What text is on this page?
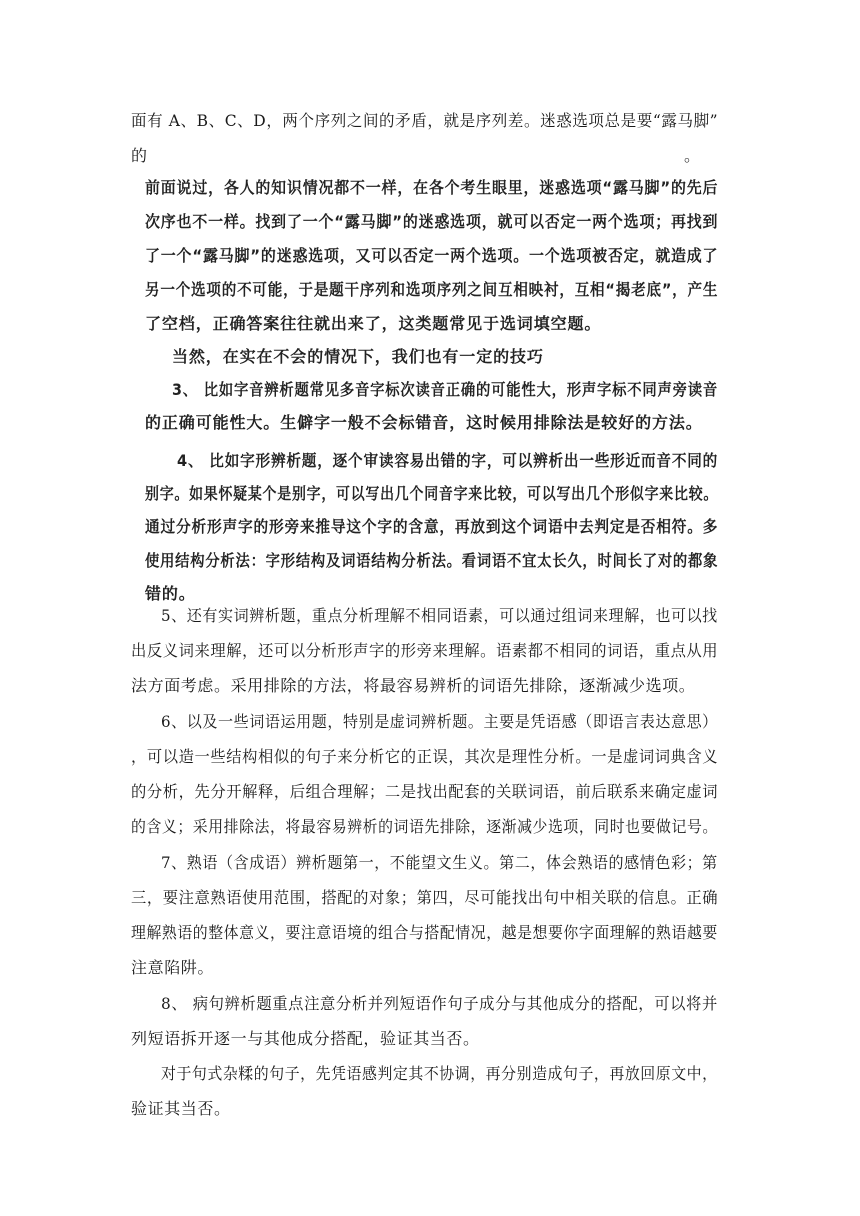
面有 A、B、C、D，两个序列之间的矛盾，就是序列差。迷惑选项总是要“露马脚”
的	。
前面说过，各人的知识情况都不一样，在各个考生眼里，迷惑选项“露马脚”的先后
次序也不一样。找到了一个“露马脚”的迷惑选项，就可以否定一两个选项；再找到
了一个“露马脚”的迷惑选项，又可以否定一两个选项。一个选项被否定，就造成了
另一个选项的不可能，于是题干序列和选项序列之间互相映衬，互相“揭老底”，产生
了空档，正确答案往往就出来了，这类题常见于选词填空题。
当然，在实在不会的情况下，我们也有一定的技巧
3、 比如字音辨析题常见多音字标次读音正确的可能性大，形声字标不同声旁读音
的正确可能性大。生僻字一般不会标错音，这时候用排除法是较好的方法。
4、 比如字形辨析题，逐个审读容易出错的字，可以辨析出一些形近而音不同的
别字。如果怀疑某个是别字，可以写出几个同音字来比较，可以写出几个形似字来比较。
通过分析形声字的形旁来推导这个字的含意，再放到这个词语中去判定是否相符。多
使用结构分析法：字形结构及词语结构分析法。看词语不宜太长久，时间长了对的都象
错的。
5、还有实词辨析题，重点分析理解不相同语素，可以通过组词来理解，也可以找
出反义词来理解，还可以分析形声字的形旁来理解。语素都不相同的词语，重点从用
法方面考虑。采用排除的方法，将最容易辨析的词语先排除，逐渐减少选项。
6、以及一些词语运用题，特别是虚词辨析题。主要是凭语感（即语言表达意思）
，可以造一些结构相似的句子来分析它的正误，其次是理性分析。一是虚词词典含义
的分析，先分开解释，后组合理解；二是找出配套的关联词语，前后联系来确定虚词
的含义；采用排除法，将最容易辨析的词语先排除，逐渐减少选项，同时也要做记号。
7、熟语（含成语）辨析题第一，不能望文生义。第二，体会熟语的感情色彩；第
三，要注意熟语使用范围，搭配的对象；第四，尽可能找出句中相关联的信息。正确
理解熟语的整体意义，要注意语境的组合与搭配情况，越是想要你字面理解的熟语越要
注意陷阱。
8、 病句辨析题重点注意分析并列短语作句子成分与其他成分的搭配，可以将并
列短语拆开逐一与其他成分搭配，验证其当否。
对于句式杂糅的句子，先凭语感判定其不协调，再分别造成句子，再放回原文中，
验证其当否。
